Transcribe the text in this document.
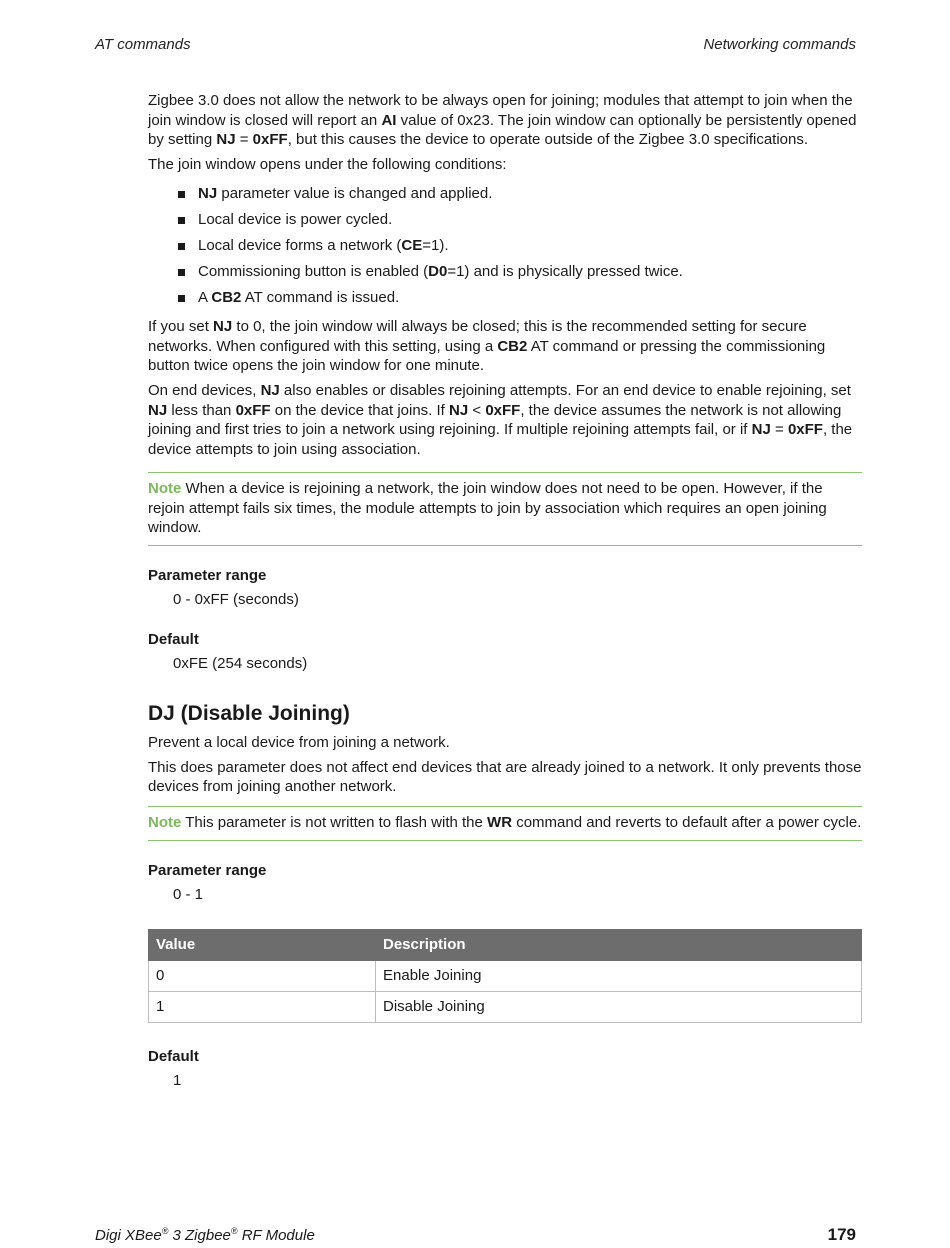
AT commands	Networking commands

Zigbee 3.0 does not allow the network to be always open for joining; modules that attempt to join when the join window is closed will report an AI value of 0x23. The join window can optionally be persistently opened by setting NJ = 0xFF, but this causes the device to operate outside of the Zigbee 3.0 specifications.

The join window opens under the following conditions:

NJ parameter value is changed and applied.
Local device is power cycled.
Local device forms a network (CE=1).
Commissioning button is enabled (D0=1) and is physically pressed twice.
A CB2 AT command is issued.

If you set NJ to 0, the join window will always be closed; this is the recommended setting for secure networks. When configured with this setting, using a CB2 AT command or pressing the commissioning button twice opens the join window for one minute.

On end devices, NJ also enables or disables rejoining attempts. For an end device to enable rejoining, set NJ less than 0xFF on the device that joins. If NJ < 0xFF, the device assumes the network is not allowing joining and first tries to join a network using rejoining. If multiple rejoining attempts fail, or if NJ = 0xFF, the device attempts to join using association.

Note When a device is rejoining a network, the join window does not need to be open. However, if the rejoin attempt fails six times, the module attempts to join by association which requires an open joining window.
Parameter range
0 - 0xFF (seconds)
Default
0xFE (254 seconds)
DJ (Disable Joining)

Prevent a local device from joining a network.

This does parameter does not affect end devices that are already joined to a network. It only prevents those devices from joining another network.

Note This parameter is not written to flash with the WR command and reverts to default after a power cycle.
Parameter range
0 - 1
Value	Description
0	Enable Joining
1	Disable Joining
Default
1
Digi XBee® 3 Zigbee® RF Module	179
